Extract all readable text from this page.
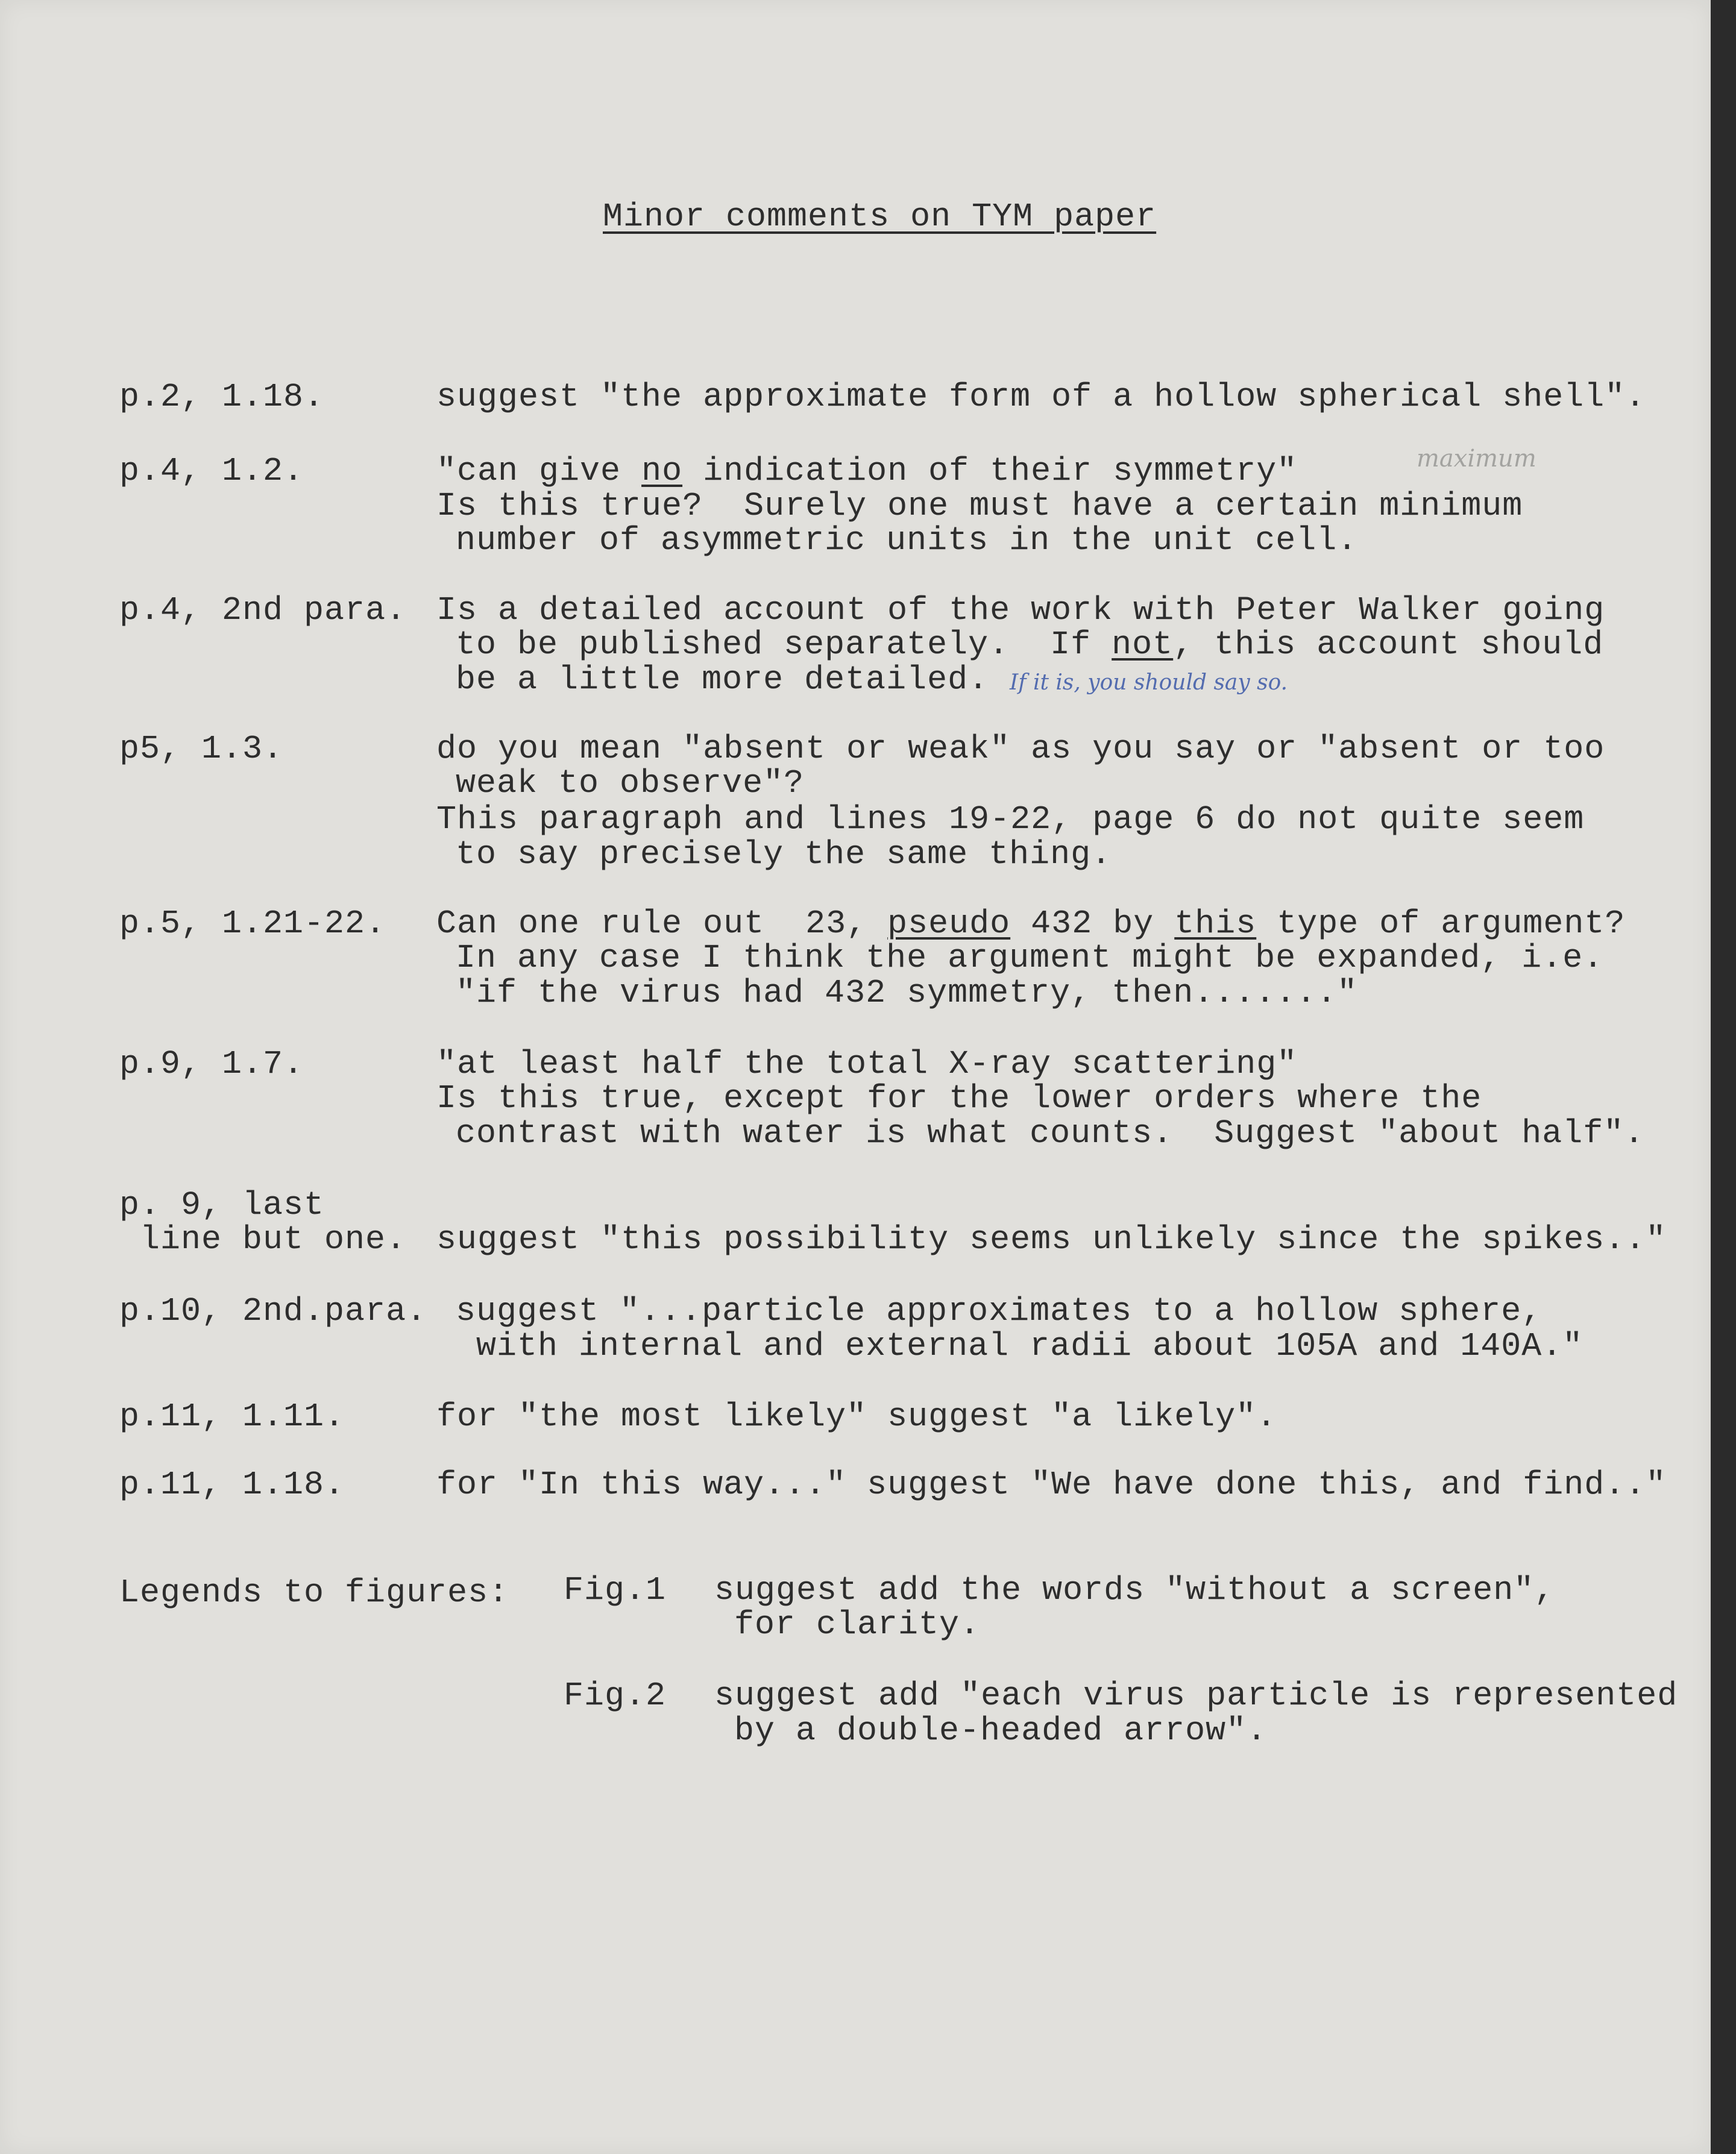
Minor comments on TYM paper
p.2, 1.18.	suggest "the approximate form of a hollow spherical shell".
p.4, 1.2.	"can give no indication of their symmetry"	maximum
Is this true?  Surely one must have a certain minimum
number of asymmetric units in the unit cell.
p.4, 2nd para. Is a detailed account of the work with Peter Walker going
to be published separately.  If not, this account should
be a little more detailed. If it is, you should say so.
p5, 1.3.	do you mean "absent or weak" as you say or "absent or too
weak to observe"?
This paragraph and lines 19-22, page 6 do not quite seem
to say precisely the same thing.
p.5, 1.21-22. Can one rule out  23, pseudo 432 by this type of argument?
In any case I think the argument might be expanded, i.e.
"if the virus had 432 symmetry, then......."
p.9, 1.7.	"at least half the total X-ray scattering"
Is this true, except for the lower orders where the
contrast with water is what counts.  Suggest "about half".
p. 9, last
line but one. suggest "this possibility seems unlikely since the spikes.."
p.10, 2nd.para. suggest "...particle approximates to a hollow sphere,
with internal and external radii about 105A and 140A."
p.11, 1.11.	for "the most likely" suggest "a likely".
p.11, 1.18.	for "In this way..." suggest "We have done this, and find.."
Legends to figures: Fig.1 suggest add the words "without a screen",
for clarity.
Fig.2 suggest add "each virus particle is represented
by a double-headed arrow".
